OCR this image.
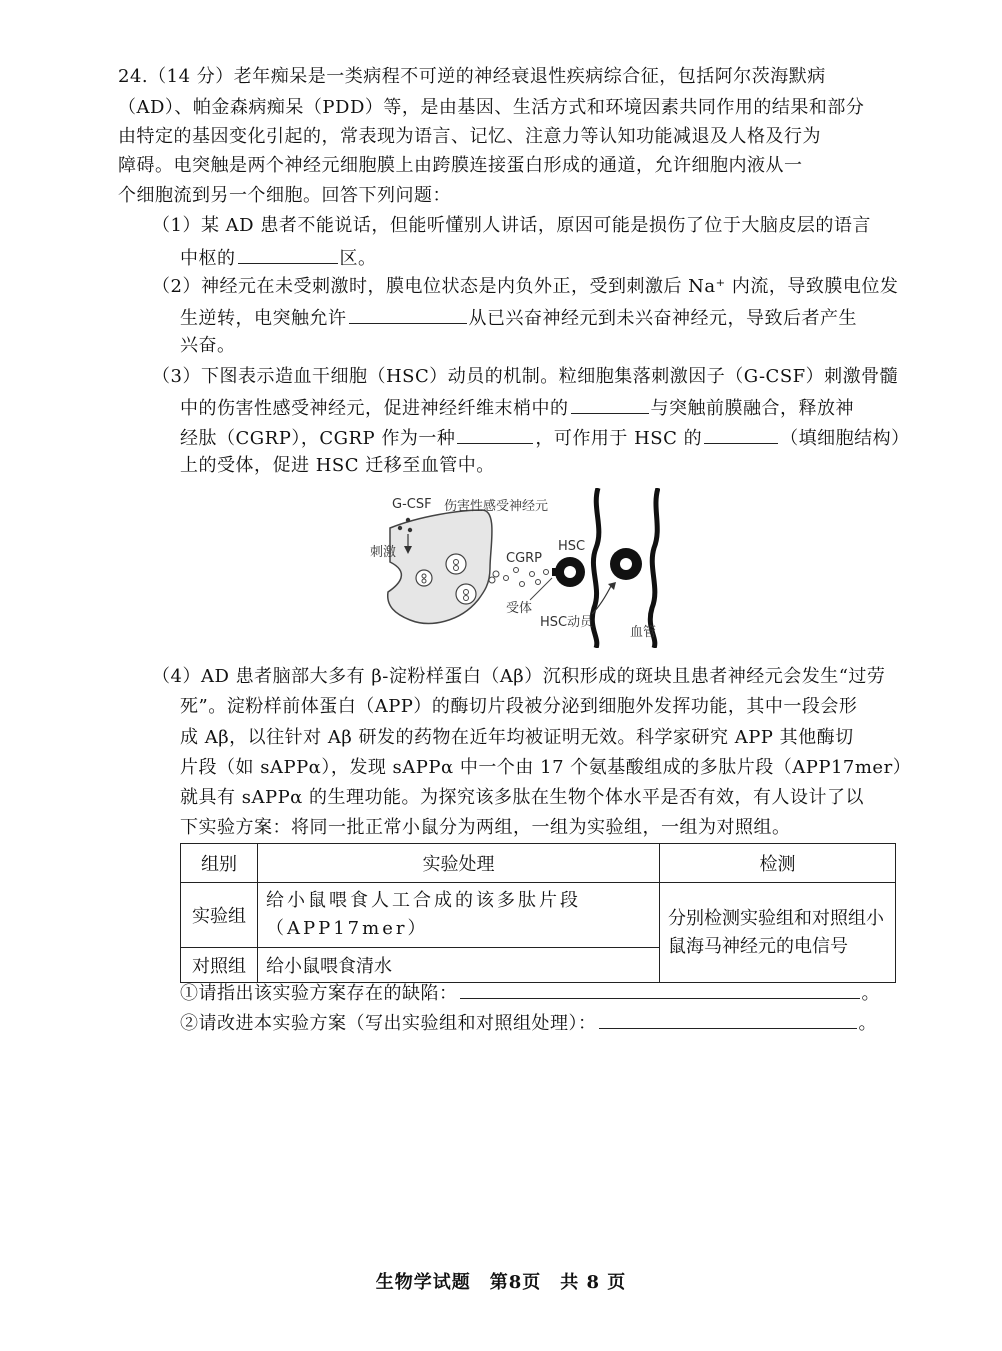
24.（14 分）老年痴呆是一类病程不可逆的神经衰退性疾病综合征，包括阿尔茨海默病
（AD）、帕金森病痴呆（PDD）等，是由基因、生活方式和环境因素共同作用的结果和部分
由特定的基因变化引起的，常表现为语言、记忆、注意力等认知功能减退及人格及行为
障碍。电突触是两个神经元细胞膜上由跨膜连接蛋白形成的通道，允许细胞内液从一
个细胞流到另一个细胞。回答下列问题：
（1）某 AD 患者不能说话，但能听懂别人讲话，原因可能是损伤了位于大脑皮层的语言
中枢的	区。
（2）神经元在未受刺激时，膜电位状态是内负外正，受到刺激后 Na⁺ 内流，导致膜电位发
生逆转，电突触允许	从已兴奋神经元到未兴奋神经元，导致后者产生
兴奋。
（3）下图表示造血干细胞（HSC）动员的机制。粒细胞集落刺激因子（G-CSF）刺激骨髓
中的伤害性感受神经元，促进神经纤维末梢中的	与突触前膜融合，释放神
经肽（CGRP），CGRP 作为一种	，可作用于 HSC 的	（填细胞结构）
上的受体，促进 HSC 迁移至血管中。
G-CSF 伤害性感受神经元
刺激	CGRP
HSC
受体
HSC动员
血管
（4）AD 患者脑部大多有 β-淀粉样蛋白（Aβ）沉积形成的斑块且患者神经元会发生“过劳
死”。淀粉样前体蛋白（APP）的酶切片段被分泌到细胞外发挥功能，其中一段会形
成 Aβ，以往针对 Aβ 研发的药物在近年均被证明无效。科学家研究 APP 其他酶切
片段（如 sAPPα），发现 sAPPα 中一个由 17 个氨基酸组成的多肽片段（APP17mer）
就具有 sAPPα 的生理功能。为探究该多肽在生物个体水平是否有效，有人设计了以
下实验方案：将同一批正常小鼠分为两组，一组为实验组，一组为对照组。
组别	实验处理	检测
实验组	给小鼠喂食人工合成的该多肽片段（APP17mer）	分别检测实验组和对照组小鼠海马神经元的电信号
对照组	给小鼠喂食清水	
①请指出该实验方案存在的缺陷：	。
②请改进本实验方案（写出实验组和对照组处理）：	。
生物学试题　第8页　共 8 页
